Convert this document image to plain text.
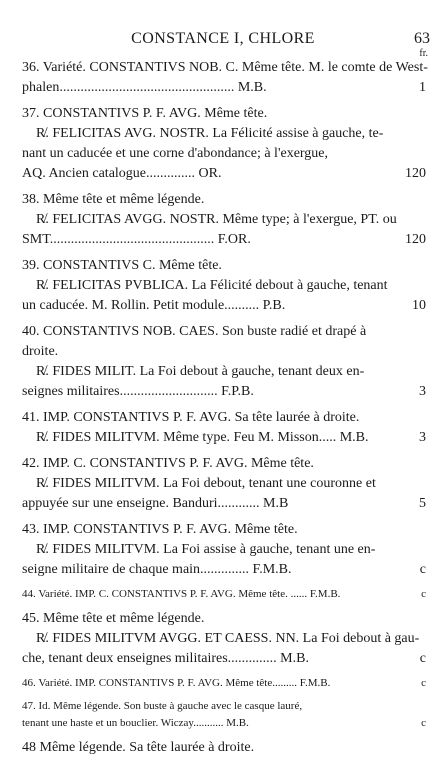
CONSTANCE I, CHLORE	63
fr.
36. Variété. CONSTANTIVS NOB. C. Même tête. M. le comte de West-
phalen.................................................. M.B.	1
37. CONSTANTIVS P. F. AVG. Même tête.
R̸. FELICITAS AVG. NOSTR. La Félicité assise à gauche, te-
nant un caducée et une corne d'abondance; à l'exergue,
AQ. Ancien catalogue.............. OR.	120
38. Même tête et même légende.
R̸. FELICITAS AVGG. NOSTR. Même type; à l'exergue, PT. ou
SMT............................................... F.OR.	120
39. CONSTANTIVS C. Même tête.
R̸. FELICITAS PVBLICA. La Félicité debout à gauche, tenant
un caducée. M. Rollin. Petit module.......... P.B.	10
40. CONSTANTIVS NOB. CAES. Son buste radié et drapé à
droite.
R̸. FIDES MILIT. La Foi debout à gauche, tenant deux en-
seignes militaires............................ F.P.B.	3
41. IMP. CONSTANTIVS P. F. AVG. Sa tête laurée à droite.
R̸. FIDES MILITVM. Même type. Feu M. Misson..... M.B.	3
42. IMP. C. CONSTANTIVS P. F. AVG. Même tête.
R̸. FIDES MILITVM. La Foi debout, tenant une couronne et
appuyée sur une enseigne. Banduri............ M.B	5
43. IMP. CONSTANTIVS P. F. AVG. Même tête.
R̸. FIDES MILITVM. La Foi assise à gauche, tenant une en-
seigne militaire de chaque main.............. F.M.B.	c
44. Variété. IMP. C. CONSTANTIVS P. F. AVG. Même tête. ...... F.M.B.	c
45. Même tête et même légende.
R̸. FIDES MILITVM AVGG. ET CAESS. NN. La Foi debout à gau-
che, tenant deux enseignes militaires.............. M.B.	c
46. Variété. IMP. CONSTANTIVS P. F. AVG. Même tête......... F.M.B.	c
47. Id. Même légende. Son buste à gauche avec le casque lauré,
tenant une haste et un bouclier. Wiczay........... M.B.	c
48 Même légende. Sa tête laurée à droite.
